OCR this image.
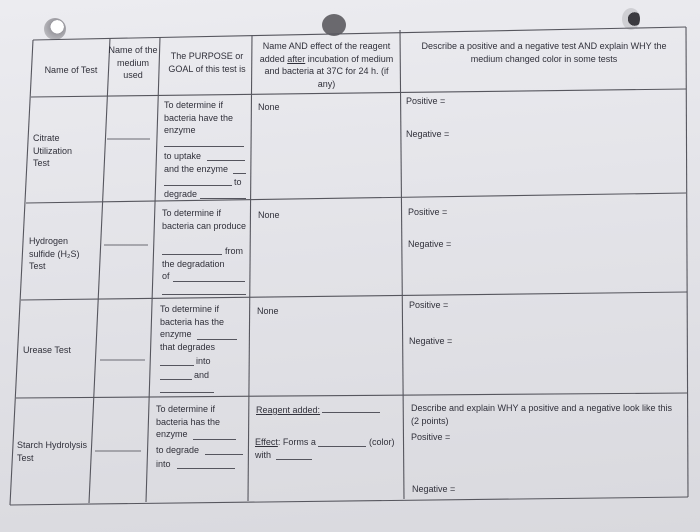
Name of Test

Name of the medium used

The PURPOSE or GOAL of this test is

Name AND effect of the reagent added after incubation of medium and bacteria at 37C for 24 h. (if any)

Describe a positive and a negative test AND explain WHY the medium changed color in some tests

Citrate Utilization Test

To determine if bacteria have the enzyme

to uptake

and the enzyme

to

degrade

None

Positive =

Negative =

Hydrogen sulfide (H₂S) Test

To determine if bacteria can produce

from

the degradation

of

None	Positive =

Negative =

Urease Test

To determine if bacteria has the enzyme

that degrades

into

and

None

Positive =

Negative =

Starch Hydrolysis Test

To determine if bacteria has the enzyme

to degrade

into

Reagent added:

Effect: Forms a	(color)

with

Describe and explain WHY a positive and a negative look like this (2 points)

Positive =

Negative =
